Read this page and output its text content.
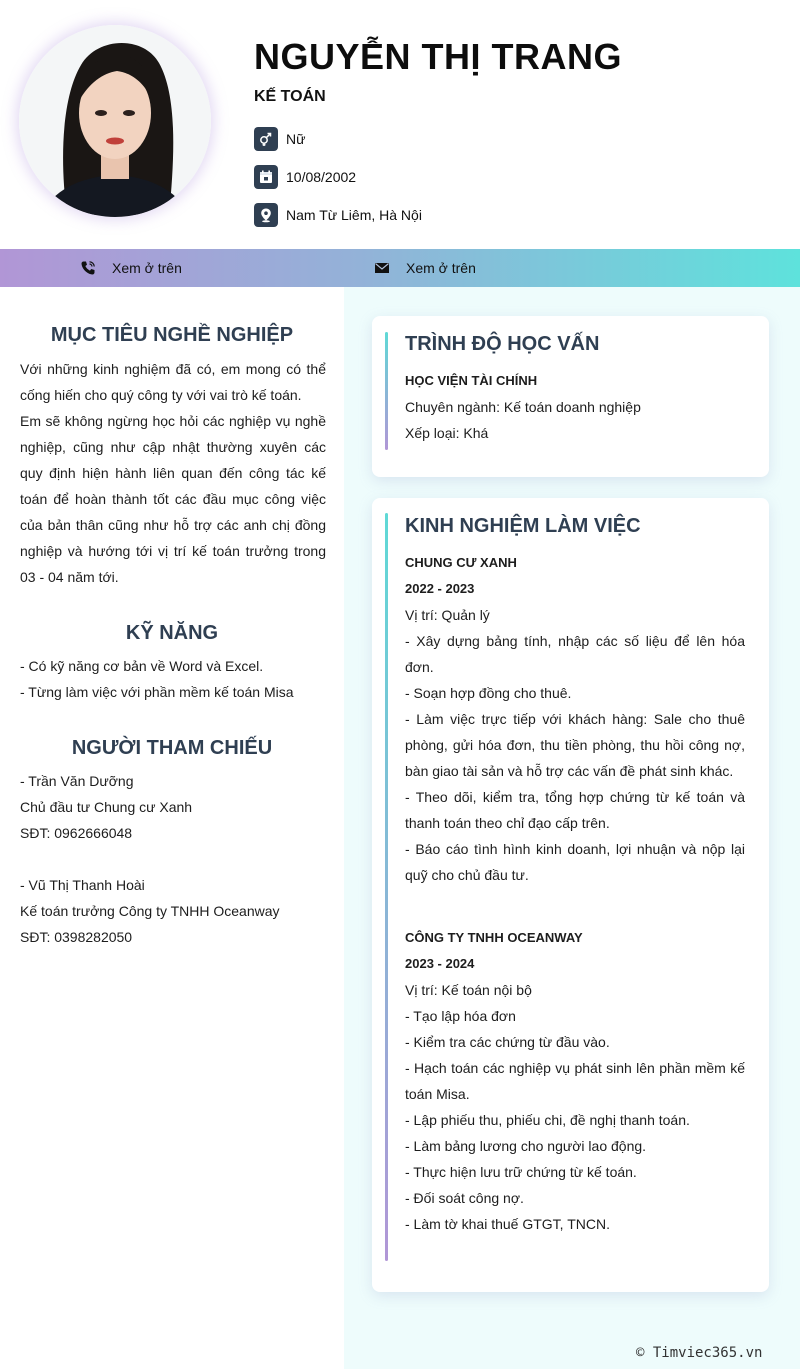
NGUYỄN THỊ TRANG
KẾ TOÁN
Nữ
10/08/2002
Nam Từ Liêm, Hà Nội
Xem ở trên	Xem ở trên
MỤC TIÊU NGHỀ NGHIỆP
Với những kinh nghiệm đã có, em mong có thể cống hiến cho quý công ty với vai trò kế toán.
Em sẽ không ngừng học hỏi các nghiệp vụ nghề nghiệp, cũng như cập nhật thường xuyên các quy định hiện hành liên quan đến công tác kế toán để hoàn thành tốt các đầu mục công việc của bản thân cũng như hỗ trợ các anh chị đồng nghiệp và hướng tới vị trí kế toán trưởng trong 03 - 04 năm tới.
KỸ NĂNG
- Có kỹ năng cơ bản về Word và Excel.
- Từng làm việc với phần mềm kế toán Misa
NGƯỜI THAM CHIẾU
- Trần Văn Dưỡng
Chủ đầu tư Chung cư Xanh
SĐT: 0962666048
- Vũ Thị Thanh Hoài
Kế toán trưởng Công ty TNHH Oceanway
SĐT: 0398282050
TRÌNH ĐỘ HỌC VẤN
HỌC VIỆN TÀI CHÍNH
Chuyên ngành: Kế toán doanh nghiệp
Xếp loại: Khá
KINH NGHIỆM LÀM VIỆC
CHUNG CƯ XANH
2022 - 2023
Vị trí: Quản lý
- Xây dựng bảng tính, nhập các số liệu để lên hóa đơn.
- Soạn hợp đồng cho thuê.
- Làm việc trực tiếp với khách hàng: Sale cho thuê phòng, gửi hóa đơn, thu tiền phòng, thu hồi công nợ, bàn giao tài sản và hỗ trợ các vấn đề phát sinh khác.
- Theo dõi, kiểm tra, tổng hợp chứng từ kế toán và thanh toán theo chỉ đạo cấp trên.
- Báo cáo tình hình kinh doanh, lợi nhuận và nộp lại quỹ cho chủ đầu tư.
CÔNG TY TNHH OCEANWAY
2023 - 2024
Vị trí: Kế toán nội bộ
- Tạo lập hóa đơn
- Kiểm tra các chứng từ đầu vào.
- Hạch toán các nghiệp vụ phát sinh lên phần mềm kế toán Misa.
- Lập phiếu thu, phiếu chi, đề nghị thanh toán.
- Làm bảng lương cho người lao động.
- Thực hiện lưu trữ chứng từ kế toán.
- Đối soát công nợ.
- Làm tờ khai thuế GTGT, TNCN.
© Timviec365.vn
